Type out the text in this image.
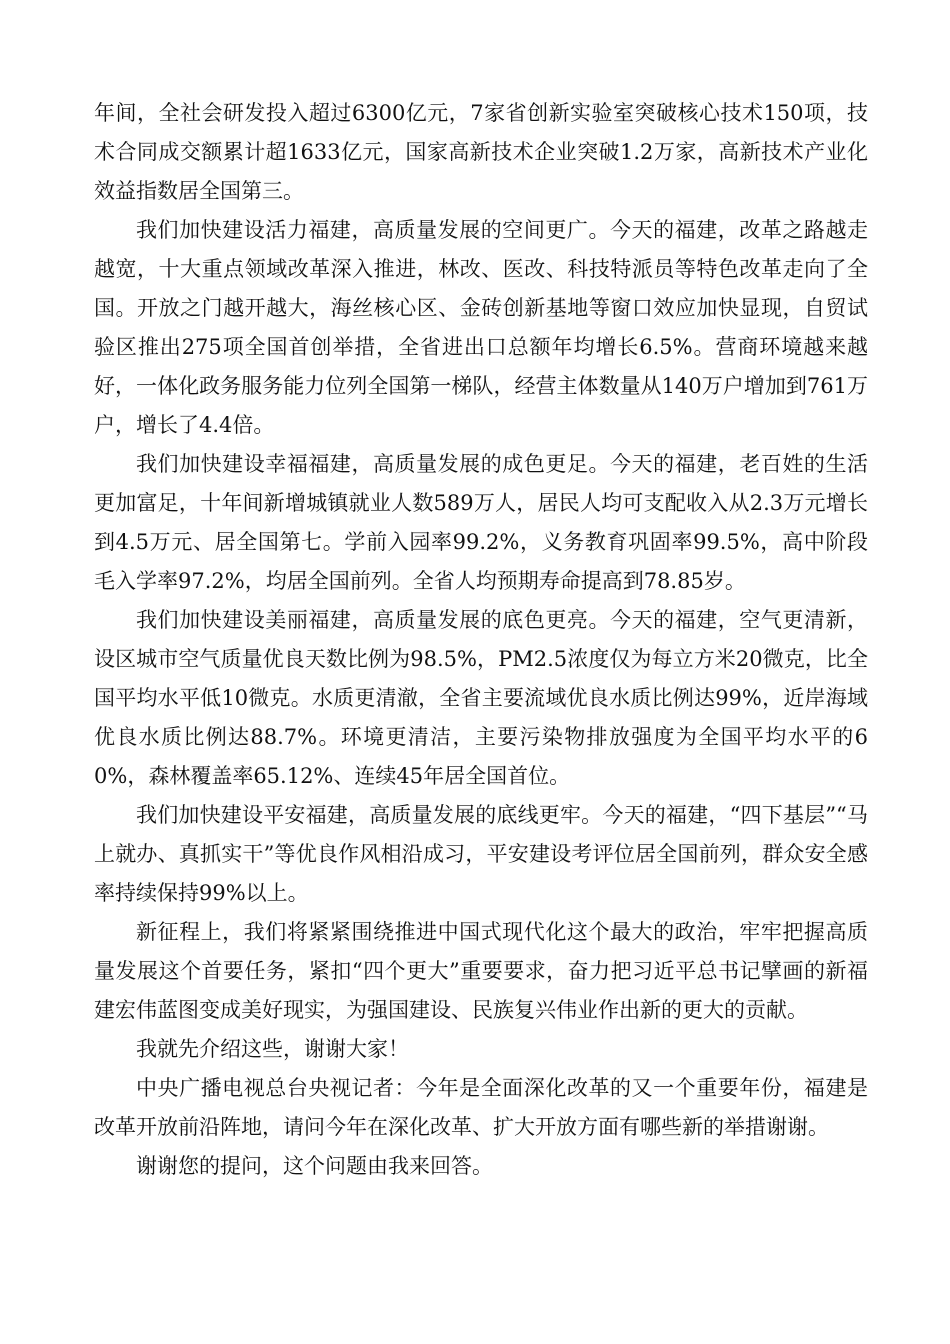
年间，全社会研发投入超过6300亿元，7家省创新实验室突破核心技术150项，技术合同成交额累计超1633亿元，国家高新技术企业突破1.2万家，高新技术产业化效益指数居全国第三。

我们加快建设活力福建，高质量发展的空间更广。今天的福建，改革之路越走越宽，十大重点领域改革深入推进，林改、医改、科技特派员等特色改革走向了全国。开放之门越开越大，海丝核心区、金砖创新基地等窗口效应加快显现，自贸试验区推出275项全国首创举措，全省进出口总额年均增长6.5%。营商环境越来越好，一体化政务服务能力位列全国第一梯队，经营主体数量从140万户增加到761万户，增长了4.4倍。

我们加快建设幸福福建，高质量发展的成色更足。今天的福建，老百姓的生活更加富足，十年间新增城镇就业人数589万人，居民人均可支配收入从2.3万元增长到4.5万元、居全国第七。学前入园率99.2%，义务教育巩固率99.5%，高中阶段毛入学率97.2%，均居全国前列。全省人均预期寿命提高到78.85岁。

我们加快建设美丽福建，高质量发展的底色更亮。今天的福建，空气更清新，设区城市空气质量优良天数比例为98.5%，PM2.5浓度仅为每立方米20微克，比全国平均水平低10微克。水质更清澈，全省主要流域优良水质比例达99%，近岸海域优良水质比例达88.7%。环境更清洁，主要污染物排放强度为全国平均水平的60%，森林覆盖率65.12%、连续45年居全国首位。

我们加快建设平安福建，高质量发展的底线更牢。今天的福建，“四下基层”“马上就办、真抓实干”等优良作风相沿成习，平安建设考评位居全国前列，群众安全感率持续保持99%以上。

新征程上，我们将紧紧围绕推进中国式现代化这个最大的政治，牢牢把握高质量发展这个首要任务，紧扣“四个更大”重要要求，奋力把习近平总书记擘画的新福建宏伟蓝图变成美好现实，为强国建设、民族复兴伟业作出新的更大的贡献。

我就先介绍这些，谢谢大家！

中央广播电视总台央视记者：今年是全面深化改革的又一个重要年份，福建是改革开放前沿阵地，请问今年在深化改革、扩大开放方面有哪些新的举措谢谢。

谢谢您的提问，这个问题由我来回答。
